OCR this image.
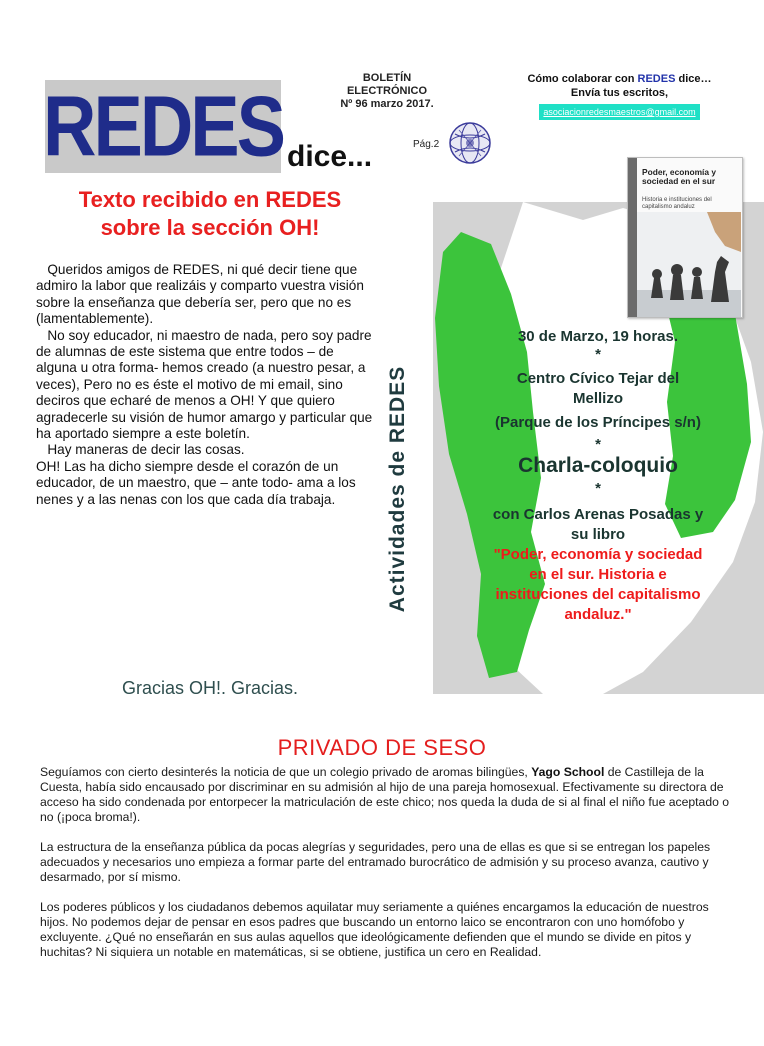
REDES dice...
BOLETÍN
ELECTRÓNICO
Nº 96 marzo 2017.
Pág.2
Cómo colaborar con REDES dice…
Envía tus escritos,
asociacionredesmaestros@gmail.com
Texto recibido en REDES
sobre la sección OH!

Queridos amigos de REDES, ni qué decir tiene que admiro la labor que realizáis y comparto vuestra visión sobre la enseñanza que debería ser, pero que no es (lamentablemente).

No soy educador, ni maestro de nada, pero soy padre de alumnas de este sistema que entre todos – de alguna u otra forma- hemos creado (a nuestro pesar, a veces), Pero no es éste el motivo de mi email, sino deciros que echaré de menos a OH! Y que quiero agradecerle su visión de humor amargo y particular que ha aportado siempre a este boletín.

Hay maneras de decir las cosas.

OH! Las ha dicho siempre desde el corazón de un educador, de un maestro, que – ante todo- ama a los nenes y a las nenas con los que cada día trabaja.

Gracias OH!. Gracias.
Actividades de REDES
Poder, economía y sociedad en el sur
Historia e instituciones del capitalismo andaluz
30 de Marzo, 19 horas.
*
Centro Cívico Tejar del
Mellizo
(Parque de los Príncipes s/n)
*
Charla-coloquio
*
con Carlos Arenas Posadas y
su libro
"Poder, economía y sociedad
en el sur. Historia e
instituciones del capitalismo
andaluz."
PRIVADO DE SESO

Seguíamos con cierto desinterés la noticia de que un colegio privado de aromas bilingües, Yago School de Castilleja de la Cuesta, había sido encausado por discriminar en su admisión al hijo de una pareja homosexual. Efectivamente su directora de acceso ha sido condenada por entorpecer la matriculación de este chico; nos queda la duda de si al final el niño fue aceptado o no (¡poca broma!).

La estructura de la enseñanza pública da pocas alegrías y seguridades, pero una de ellas es que si se entregan los papeles adecuados y necesarios uno empieza a formar parte del entramado burocrático de admisión y su proceso avanza, cautivo y desarmado, por sí mismo.

Los poderes públicos y los ciudadanos debemos aquilatar muy seriamente a quiénes encargamos la educación de nuestros hijos. No podemos dejar de pensar en esos padres que buscando un entorno laico se encontraron con uno homófobo y excluyente. ¿Qué no enseñarán en sus aulas aquellos que ideológicamente defienden que el mundo se divide en pitos y huchitas? Ni siquiera un notable en matemáticas, si se obtiene, justifica un cero en Realidad.
